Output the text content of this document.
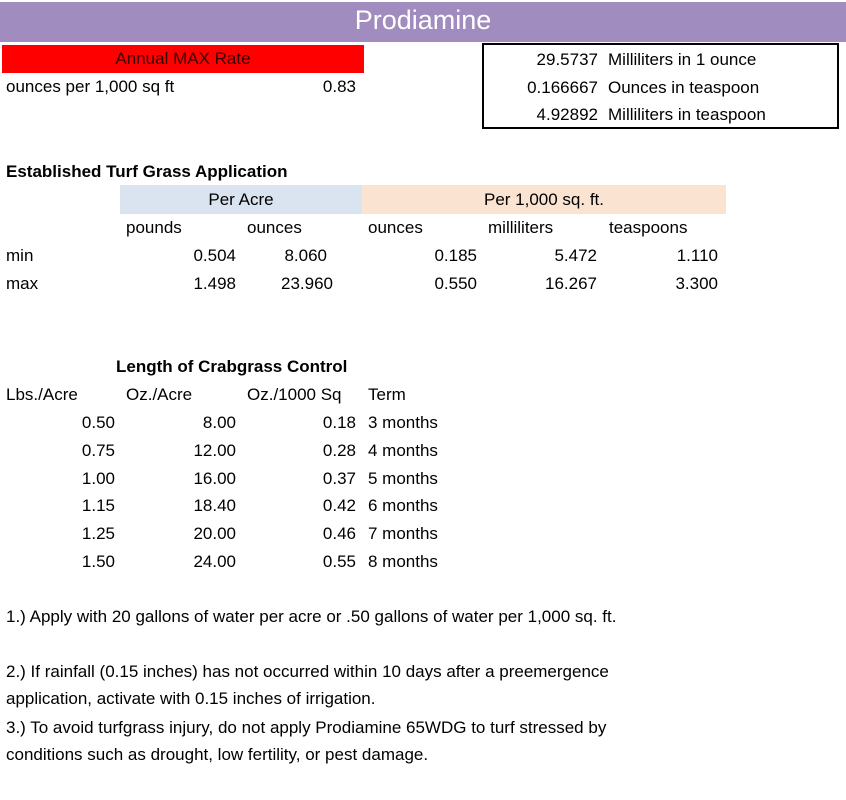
Prodiamine
Annual MAX Rate
ounces per 1,000 sq ft	0.83
29.5737 Milliliters in 1 ounce
0.166667 Ounces in teaspoon
4.92892 Milliliters in teaspoon
Established Turf Grass Application
Per Acre	Per 1,000 sq. ft.
pounds	ounces	ounces	milliliters	teaspoons
min	0.504	8.060	0.185	5.472	1.110
max	1.498	23.960	0.550	16.267	3.300
Length of Crabgrass Control
Lbs./Acre	Oz./Acre	Oz./1000 Sq Term
0.50	8.00	0.18 3 months
0.75	12.00	0.28 4 months
1.00	16.00	0.37 5 months
1.15	18.40	0.42 6 months
1.25	20.00	0.46 7 months
1.50	24.00	0.55 8 months
1.) Apply with 20 gallons of water per acre or .50 gallons of water per 1,000 sq. ft.
2.) If rainfall (0.15 inches) has not occurred within 10 days after a preemergence
application, activate with 0.15 inches of irrigation.
3.) To avoid turfgrass injury, do not apply Prodiamine 65WDG to turf stressed by
conditions such as drought, low fertility, or pest damage.
